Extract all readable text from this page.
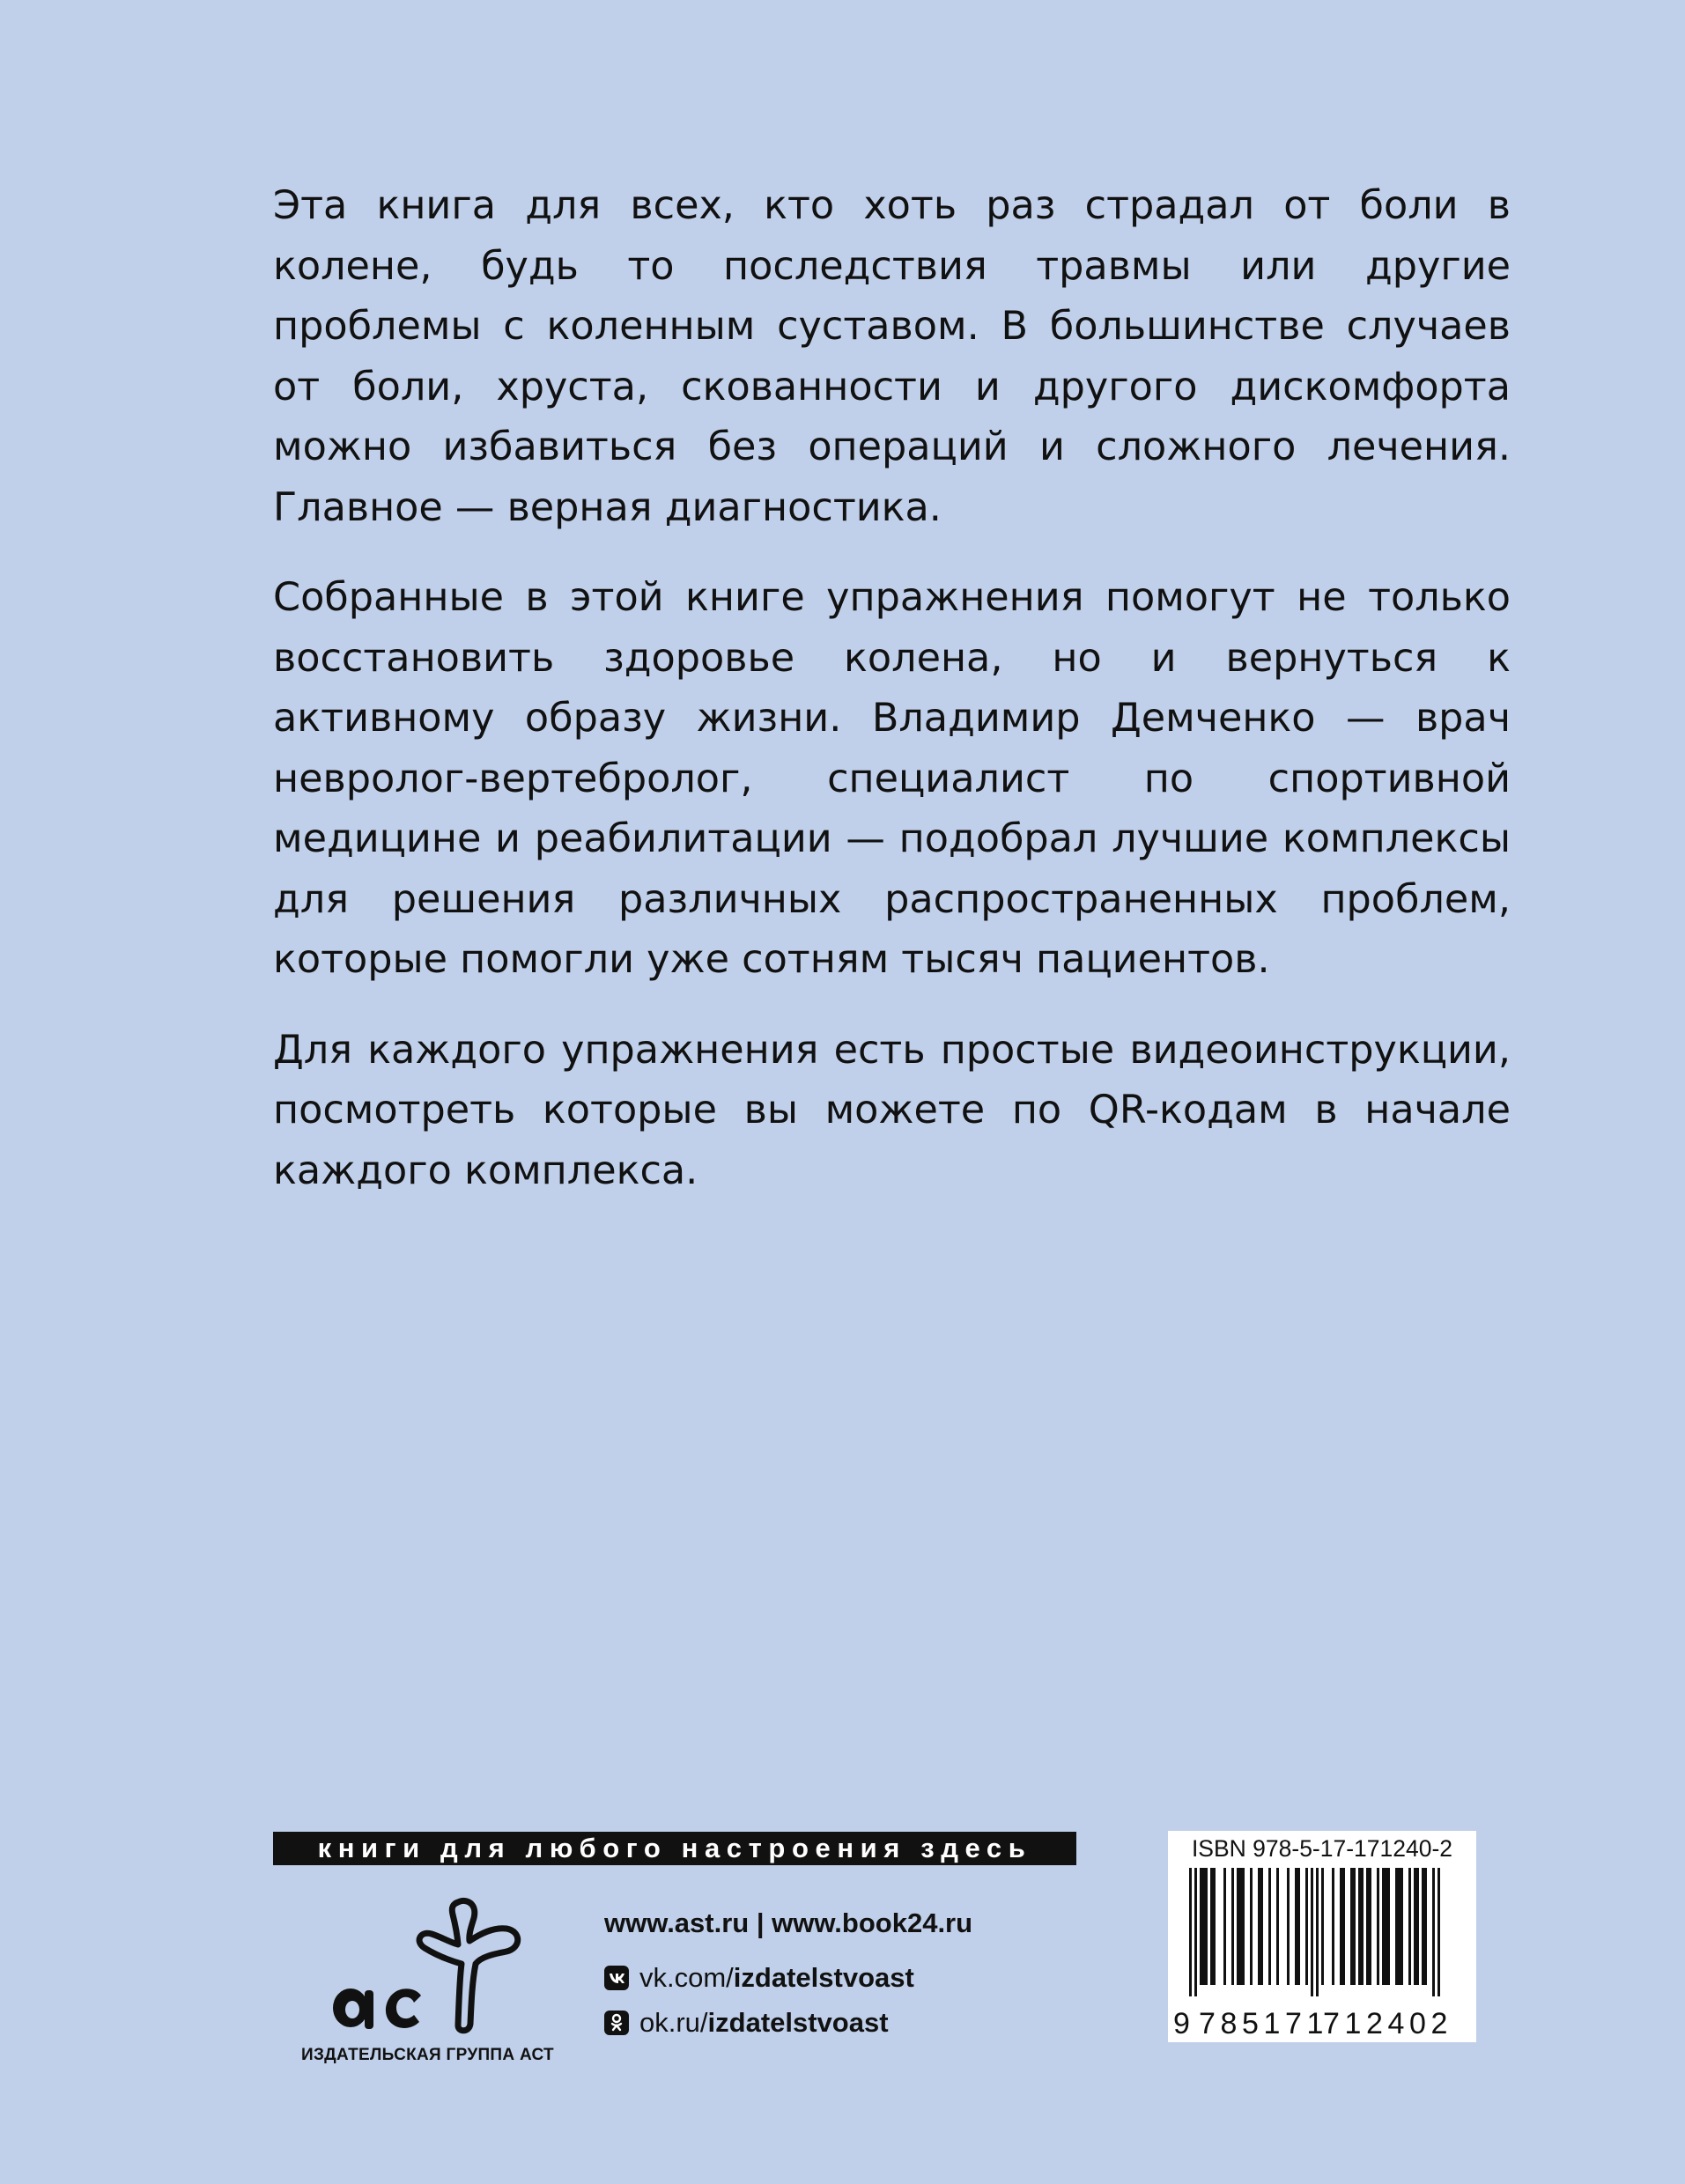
Эта книга для всех, кто хоть раз страдал от боли в колене, будь то последствия травмы или другие проблемы с коленным суставом. В большинстве случаев от боли, хруста, скованности и другого дискомфорта можно избавиться без операций и сложного лечения. Главное — верная диагностика.

Собранные в этой книге упражнения помогут не только восстановить здоровье колена, но и вернуться к активному образу жизни. Владимир Демченко — врач невролог-вертебролог, специалист по спортивной медицине и реабилитации — подобрал лучшие комплексы для решения различных распространенных проблем, которые помогли уже сотням тысяч пациентов.

Для каждого упражнения есть простые видеоинструкции, посмотреть которые вы можете по QR-кодам в начале каждого комплекса.

книги для любого настроения здесь
ИЗДАТЕЛЬСКАЯ ГРУППА АСТ
www.ast.ru | www.book24.ru
vk.com/ izdatelstvoast
ok.ru/ izdatelstvoast
ISBN 978-5-17-171240-2
9 785171
712402
